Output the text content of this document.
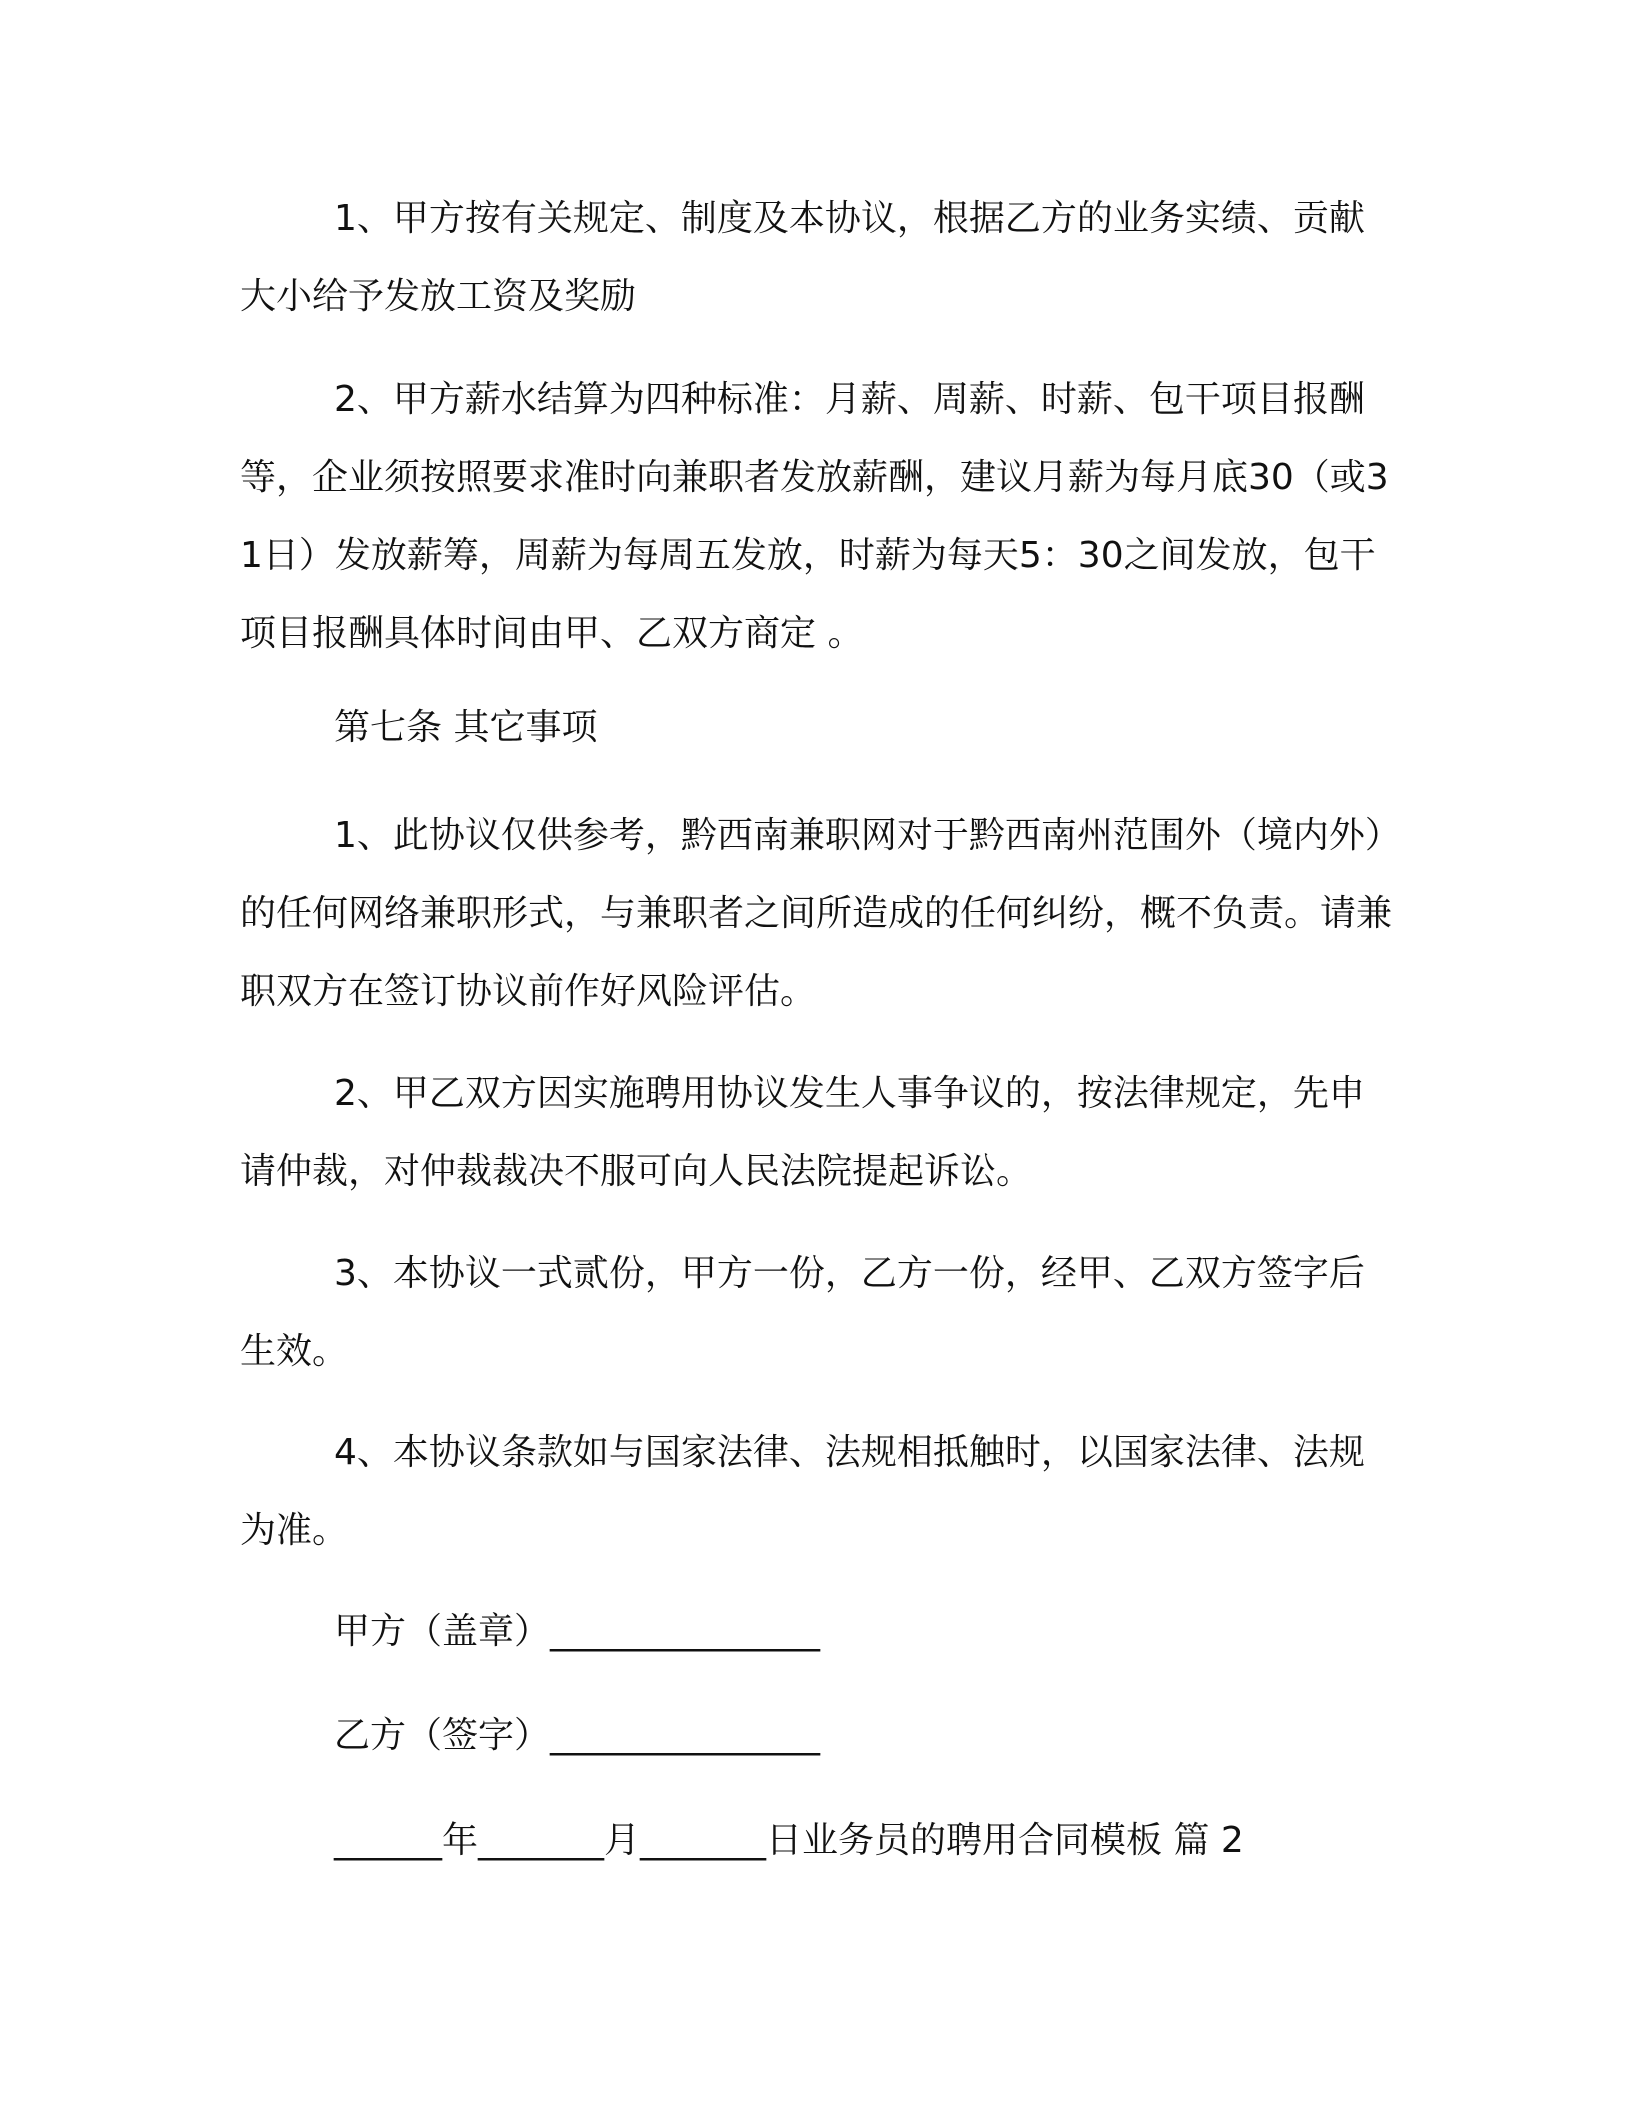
1、甲方按有关规定、制度及本协议，根据乙方的业务实绩、贡献大小给予发放工资及奖励

2、甲方薪水结算为四种标准：月薪、周薪、时薪、包干项目报酬等，企业须按照要求准时向兼职者发放薪酬，建议月薪为每月底30（或31日）发放薪筹，周薪为每周五发放，时薪为每天5：30之间发放，包干项目报酬具体时间由甲、乙双方商定 。

第七条 其它事项

1、此协议仅供参考，黔西南兼职网对于黔西南州范围外（境内外）的任何网络兼职形式，与兼职者之间所造成的任何纠纷，概不负责。请兼职双方在签订协议前作好风险评估。

2、甲乙双方因实施聘用协议发生人事争议的，按法律规定，先申请仲裁，对仲裁裁决不服可向人民法院提起诉讼。

3、本协议一式贰份，甲方一份，乙方一份，经甲、乙双方签字后生效。

4、本协议条款如与国家法律、法规相抵触时，以国家法律、法规为准。

甲方（盖章）_______________

乙方（签字）_______________

______年_______月_______日业务员的聘用合同模板 篇 2
